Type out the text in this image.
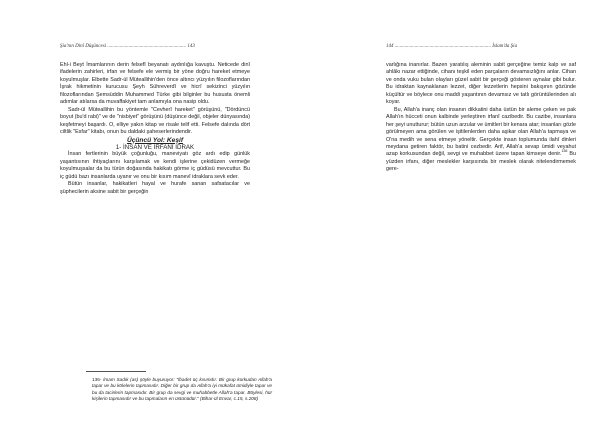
Şia'nın Dinî Düşüncesi ............................................................... 143

Ehl-i Beyt İmamlarının derin felsefî beyanatı aydınlığa kavuştu. Neticede dinî ifadelerin zahirleri, irfan ve felsefe ele vermiş bir yöne doğru hareket etmeye koyulmuşlar. Elbette Sadr-ül Müteallihin'den önce altıncı yüzyılın filozoflarından İşrak hikmetinin kurucusu Şeyh Sühreverdî ve hicrî sekizinci yüzyılın filozoflarından Şemsüddin Muhammed Türke gibi bilginler bu hususta önemli adımlar atılarsa da muvaffakiyet tam anlamıyla ona nasip oldu.

Sadr-ül Müteallihin bu yöntemle "Cevherî hareket" görüşünü, "Dördüncü boyut (bu'd rabi)" ve de "nisbiyet" görüşünü (düşünce değil, objeler dünyasında) keşfetmeyi başardı. O, elliye yakın kitap ve risale telif etti. Felsefe dalında dört ciltlik "Esfar" kitabı, onun bu daldaki şaheserlerindendir.

Üçüncü Yol: Keşif

1- İNSAN VE İRFANÎ İDRAK

İnsan fertlerinin büyük çoğunluğu, maneviyatı göz ardı edip günlük yaşantısının ihtiyaçlarını karşılamak ve kendi işlerine çekidüzen vermeğe koyulmuşsalar da bu türün doğasında hakikatı görme iç güdüsü mevcuttur. Bu iç güdü bazı insanlarda uyanır ve onu bir kısım manevî idraklara sevk eder.

Bütün insanlar, hakikatleri hayal ve hurafe sanan safsatacılar ve şüphecilerin aksine sabit bir gerçeğin

144 ............................................................................. İslam'da Şia

varlığına inanırlar. Bazen yaratılış aleminin sabit gerçeğine temiz kalp ve saf ahlâkı nazar ettiğinde, cihanı teşkil eden parçaların devamsızlığını anlar. Cihan ve onda vuku bulan olayları güzel sabit bir gerçeği gösteren aynalar gibi bulur. Bu idraktan kaynaklanan lezzet, diğer lezzetlerin hepsini bakışının gözünde küçültür ve böylece onu maddi yaşantının devamsız ve tatlı görüntülerinden alı koyar.

Bu, Allah'a inanç olan insanın dikkatini daha üstün bir aleme çeken ve pak Allah'ın hücceti onun kalbinde yerleştiren irfanî cazibedir. Bu cazibe, insanlara her şeyi unutturur; bütün uzun arzular ve ümitleri bir kenara atar; insanları gözle görülmeyen ama görülen ve işitilenlerden daha aşikar olan Allah'a tapmaya ve O'na medih ve sena etmeye yöneltir. Gerçekte insan toplumunda ilahî dinleri meydana getiren faktör, bu batini cezbedir. Arif, Allah'a sevap ümidi veyahut azap korkusundan değil, sevgi ve muhabbet üzere tapan kimseye denir.$^{136}$ Bu yüzden irfanı, diğer meslekler karşısında bir meslek olarak nitelendirmemek gere-

136- İmam Sadık (as) şöyle buyuruyor: "İbadet üç kısımdır. Bir grup korkudan Allah'a tapar ve bu kölelerin tapmasıdır. Diğer bir grup da Allah'a iyi mükafat ümidiyle tapar ve bu da tacirlerin tapmasıdır. Bir grup da sevgi ve muhabbetle Allah'a tapar. Böylesi, hür kişilerin tapmasıdır ve bu tapmaların en üstünüdür." (Bihar-ül Envar, c.15, s.208)
